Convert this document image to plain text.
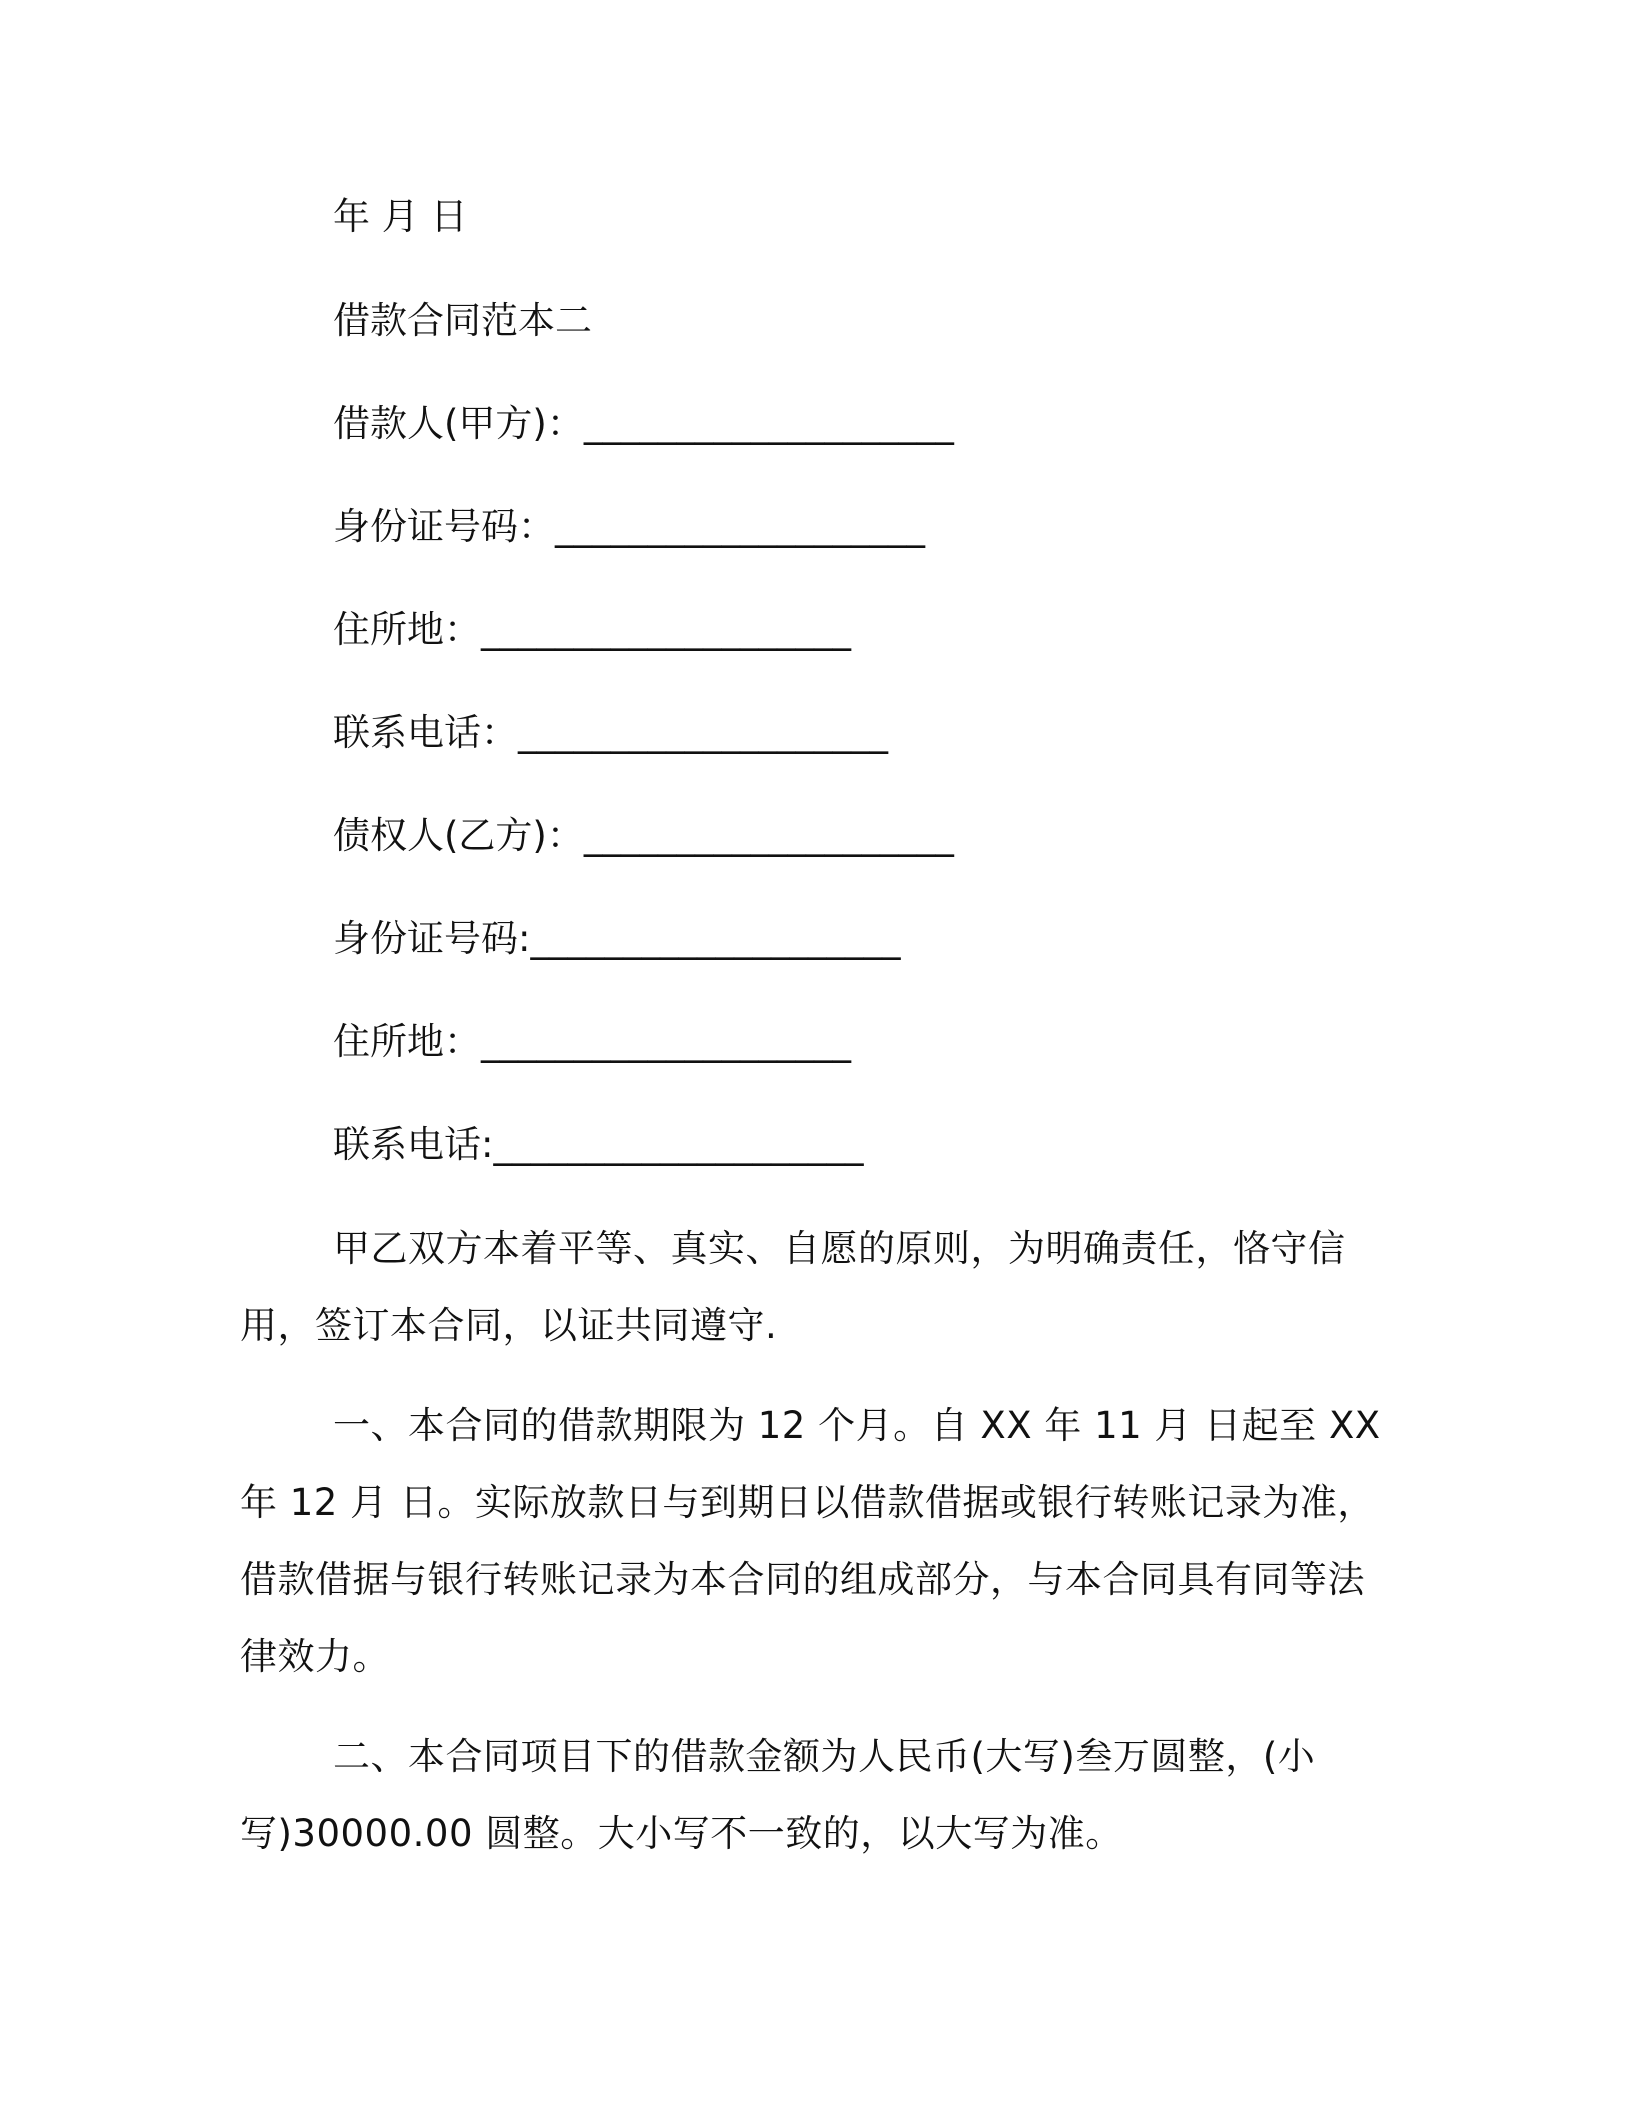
年 月 日
借款合同范本二
借款人(甲方)：____________________
身份证号码：____________________
住所地：____________________
联系电话：____________________
债权人(乙方)：____________________
身份证号码:____________________
住所地：____________________
联系电话:____________________
甲乙双方本着平等、真实、自愿的原则，为明确责任，恪守信用，签订本合同，以证共同遵守.
一、本合同的借款期限为 12 个月。自 XX 年 11 月 日起至 XX 年 12 月 日。实际放款日与到期日以借款借据或银行转账记录为准，借款借据与银行转账记录为本合同的组成部分，与本合同具有同等法律效力。
二、本合同项目下的借款金额为人民币(大写)叁万圆整，(小写)30000.00 圆整。大小写不一致的，以大写为准。
